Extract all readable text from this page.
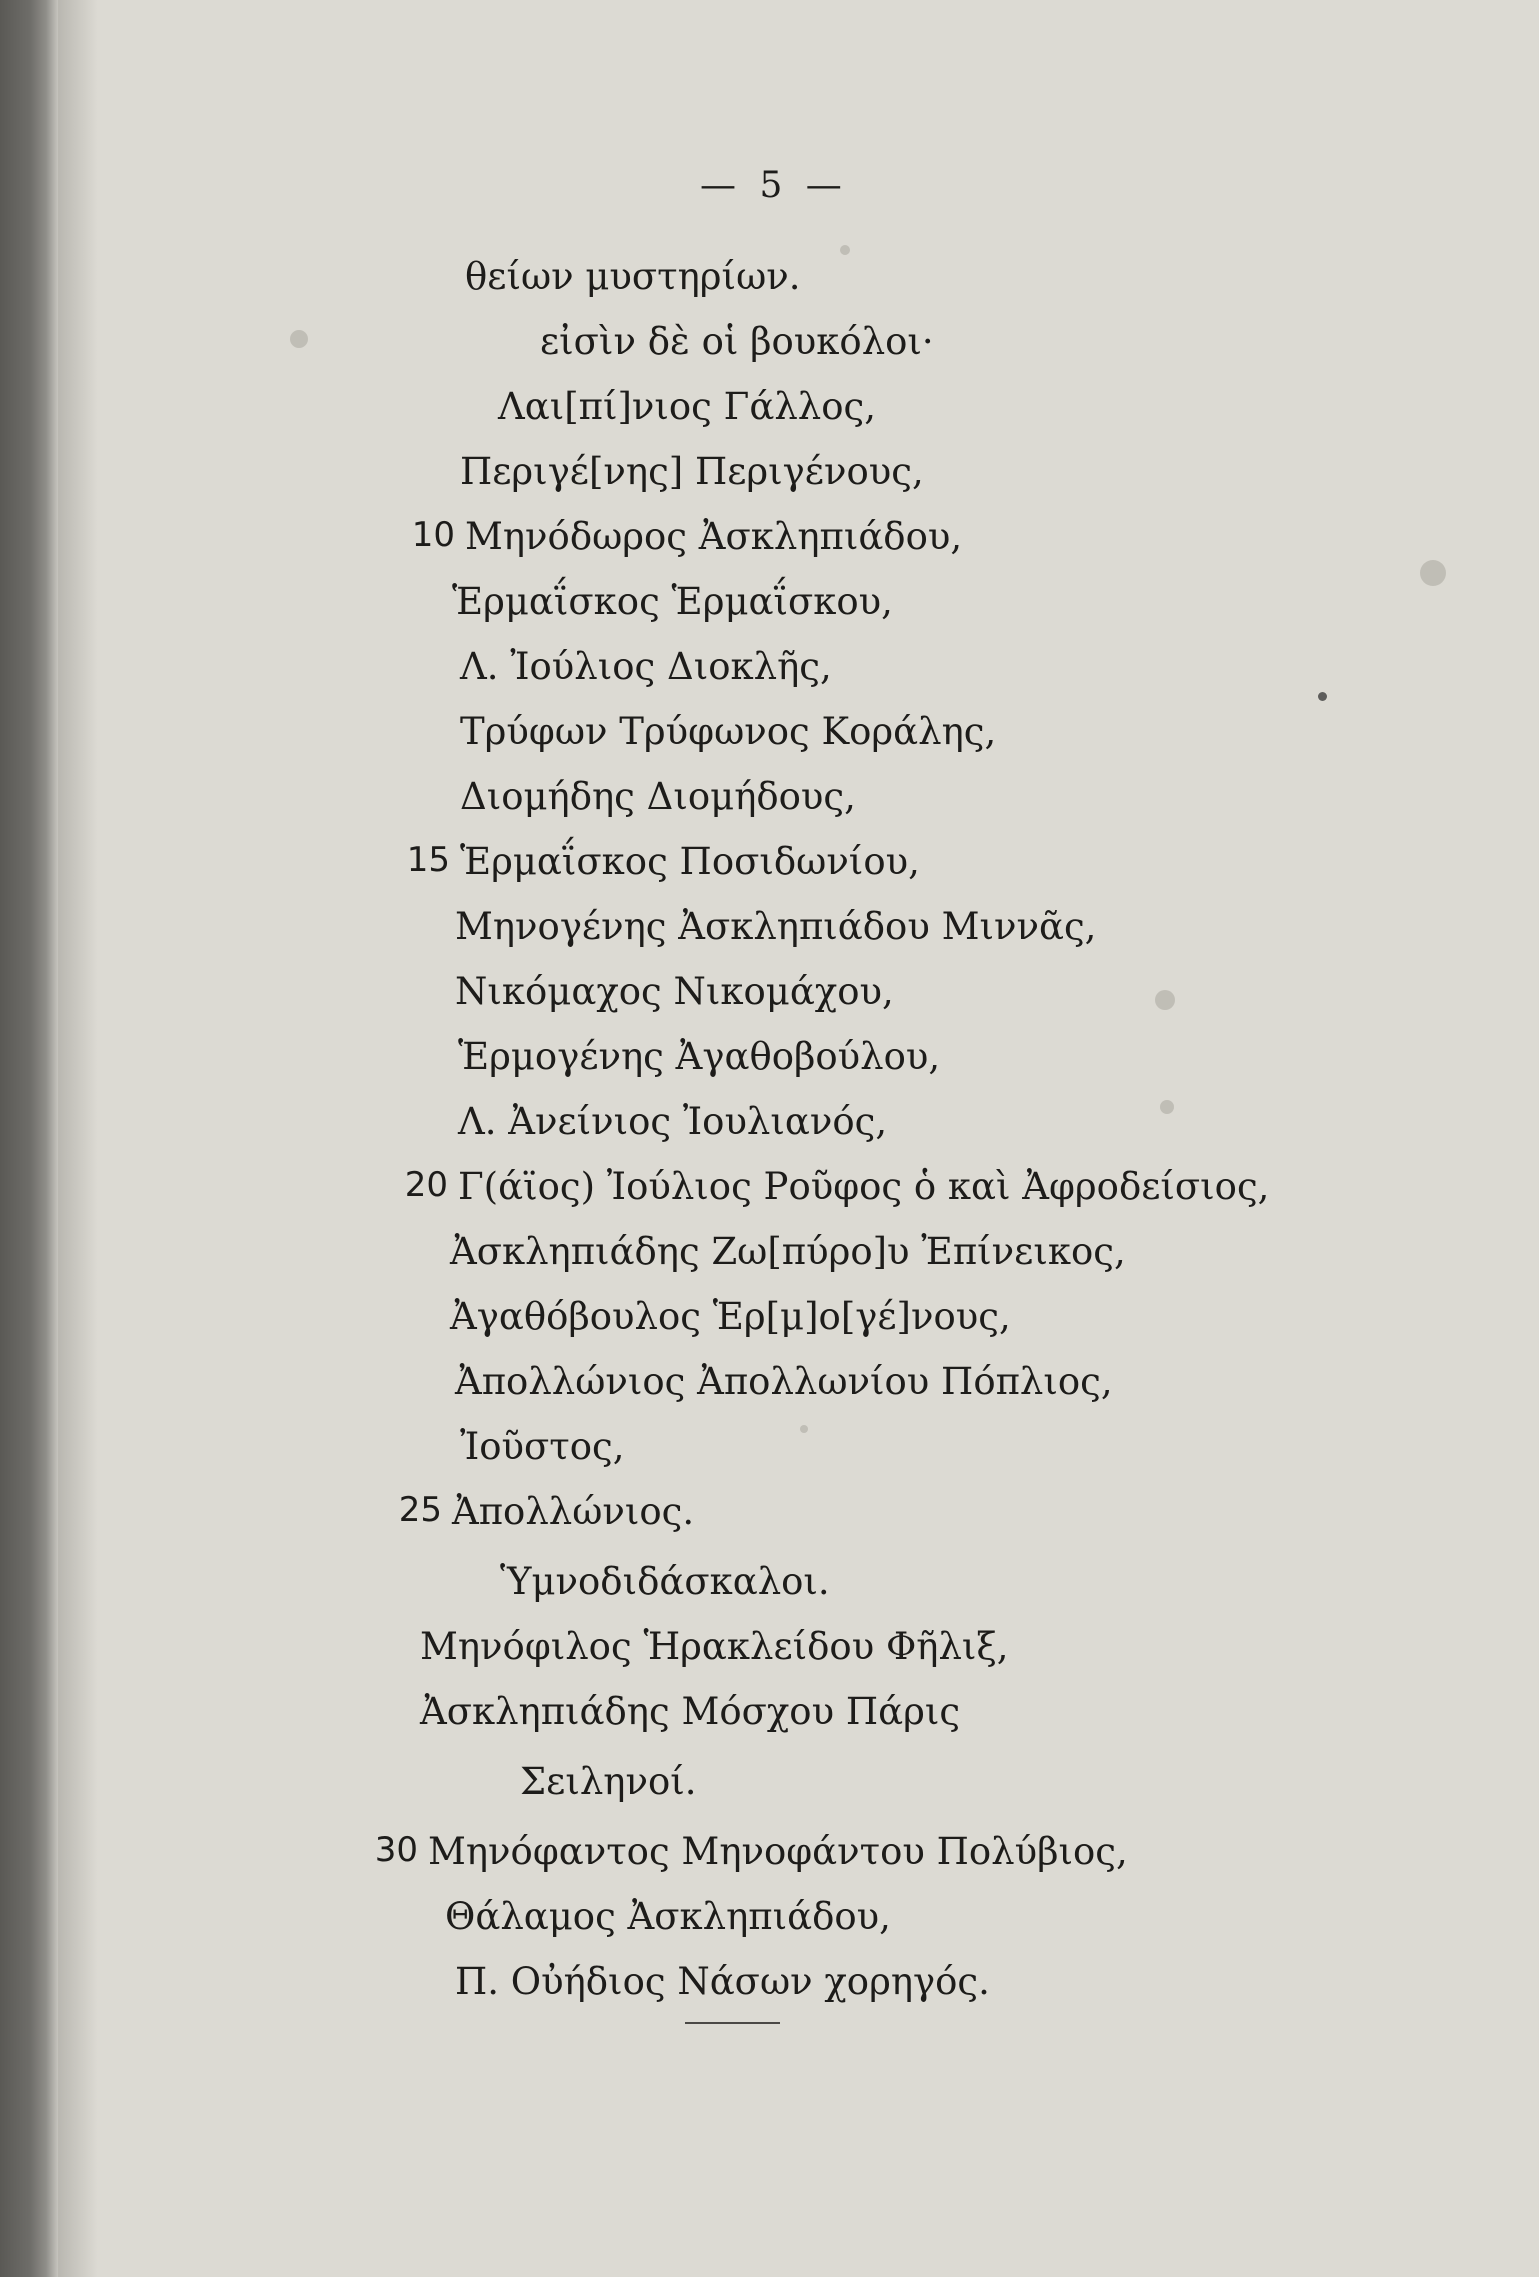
— 5 —
θείων μυστηρίων.
εἰσὶν δὲ οἱ βουκόλοι·
Λαι[πί]νιος Γάλλος,
Περιγέ[νης] Περιγένους,
10 Μηνόδωρος Ἀσκληπιάδου,
Ἑρμαΐσκος Ἑρμαΐσκου,
Λ. Ἰούλιος Διοκλῆς,
Τρύφων Τρύφωνος Κοράλης,
Διομήδης Διομήδους,
15 Ἑρμαΐσκος Ποσιδωνίου,
Μηνογένης Ἀσκληπιάδου Μιννᾶς,
Νικόμαχος Νικομάχου,
Ἑρμογένης Ἀγαθοβούλου,
Λ. Ἀνείνιος Ἰουλιανός,
20 Γ(άϊος) Ἰούλιος Ροῦφος ὁ καὶ Ἀφροδείσιος,
Ἀσκληπιάδης Ζω[πύρο]υ Ἐπίνεικος,
Ἀγαθόβουλος Ἑρ[μ]ο[γέ]νους,
Ἀπολλώνιος Ἀπολλωνίου Πόπλιος,
Ἰοῦστος,
25 Ἀπολλώνιος.
Ὑμνοδιδάσκαλοι.
Μηνόφιλος Ἡρακλείδου Φῆλιξ,
Ἀσκληπιάδης Μόσχου Πάρις
Σειληνοί.
30 Μηνόφαντος Μηνοφάντου Πολύβιος,
Θάλαμος Ἀσκληπιάδου,
Π. Οὐήδιος Νάσων χορηγός.
